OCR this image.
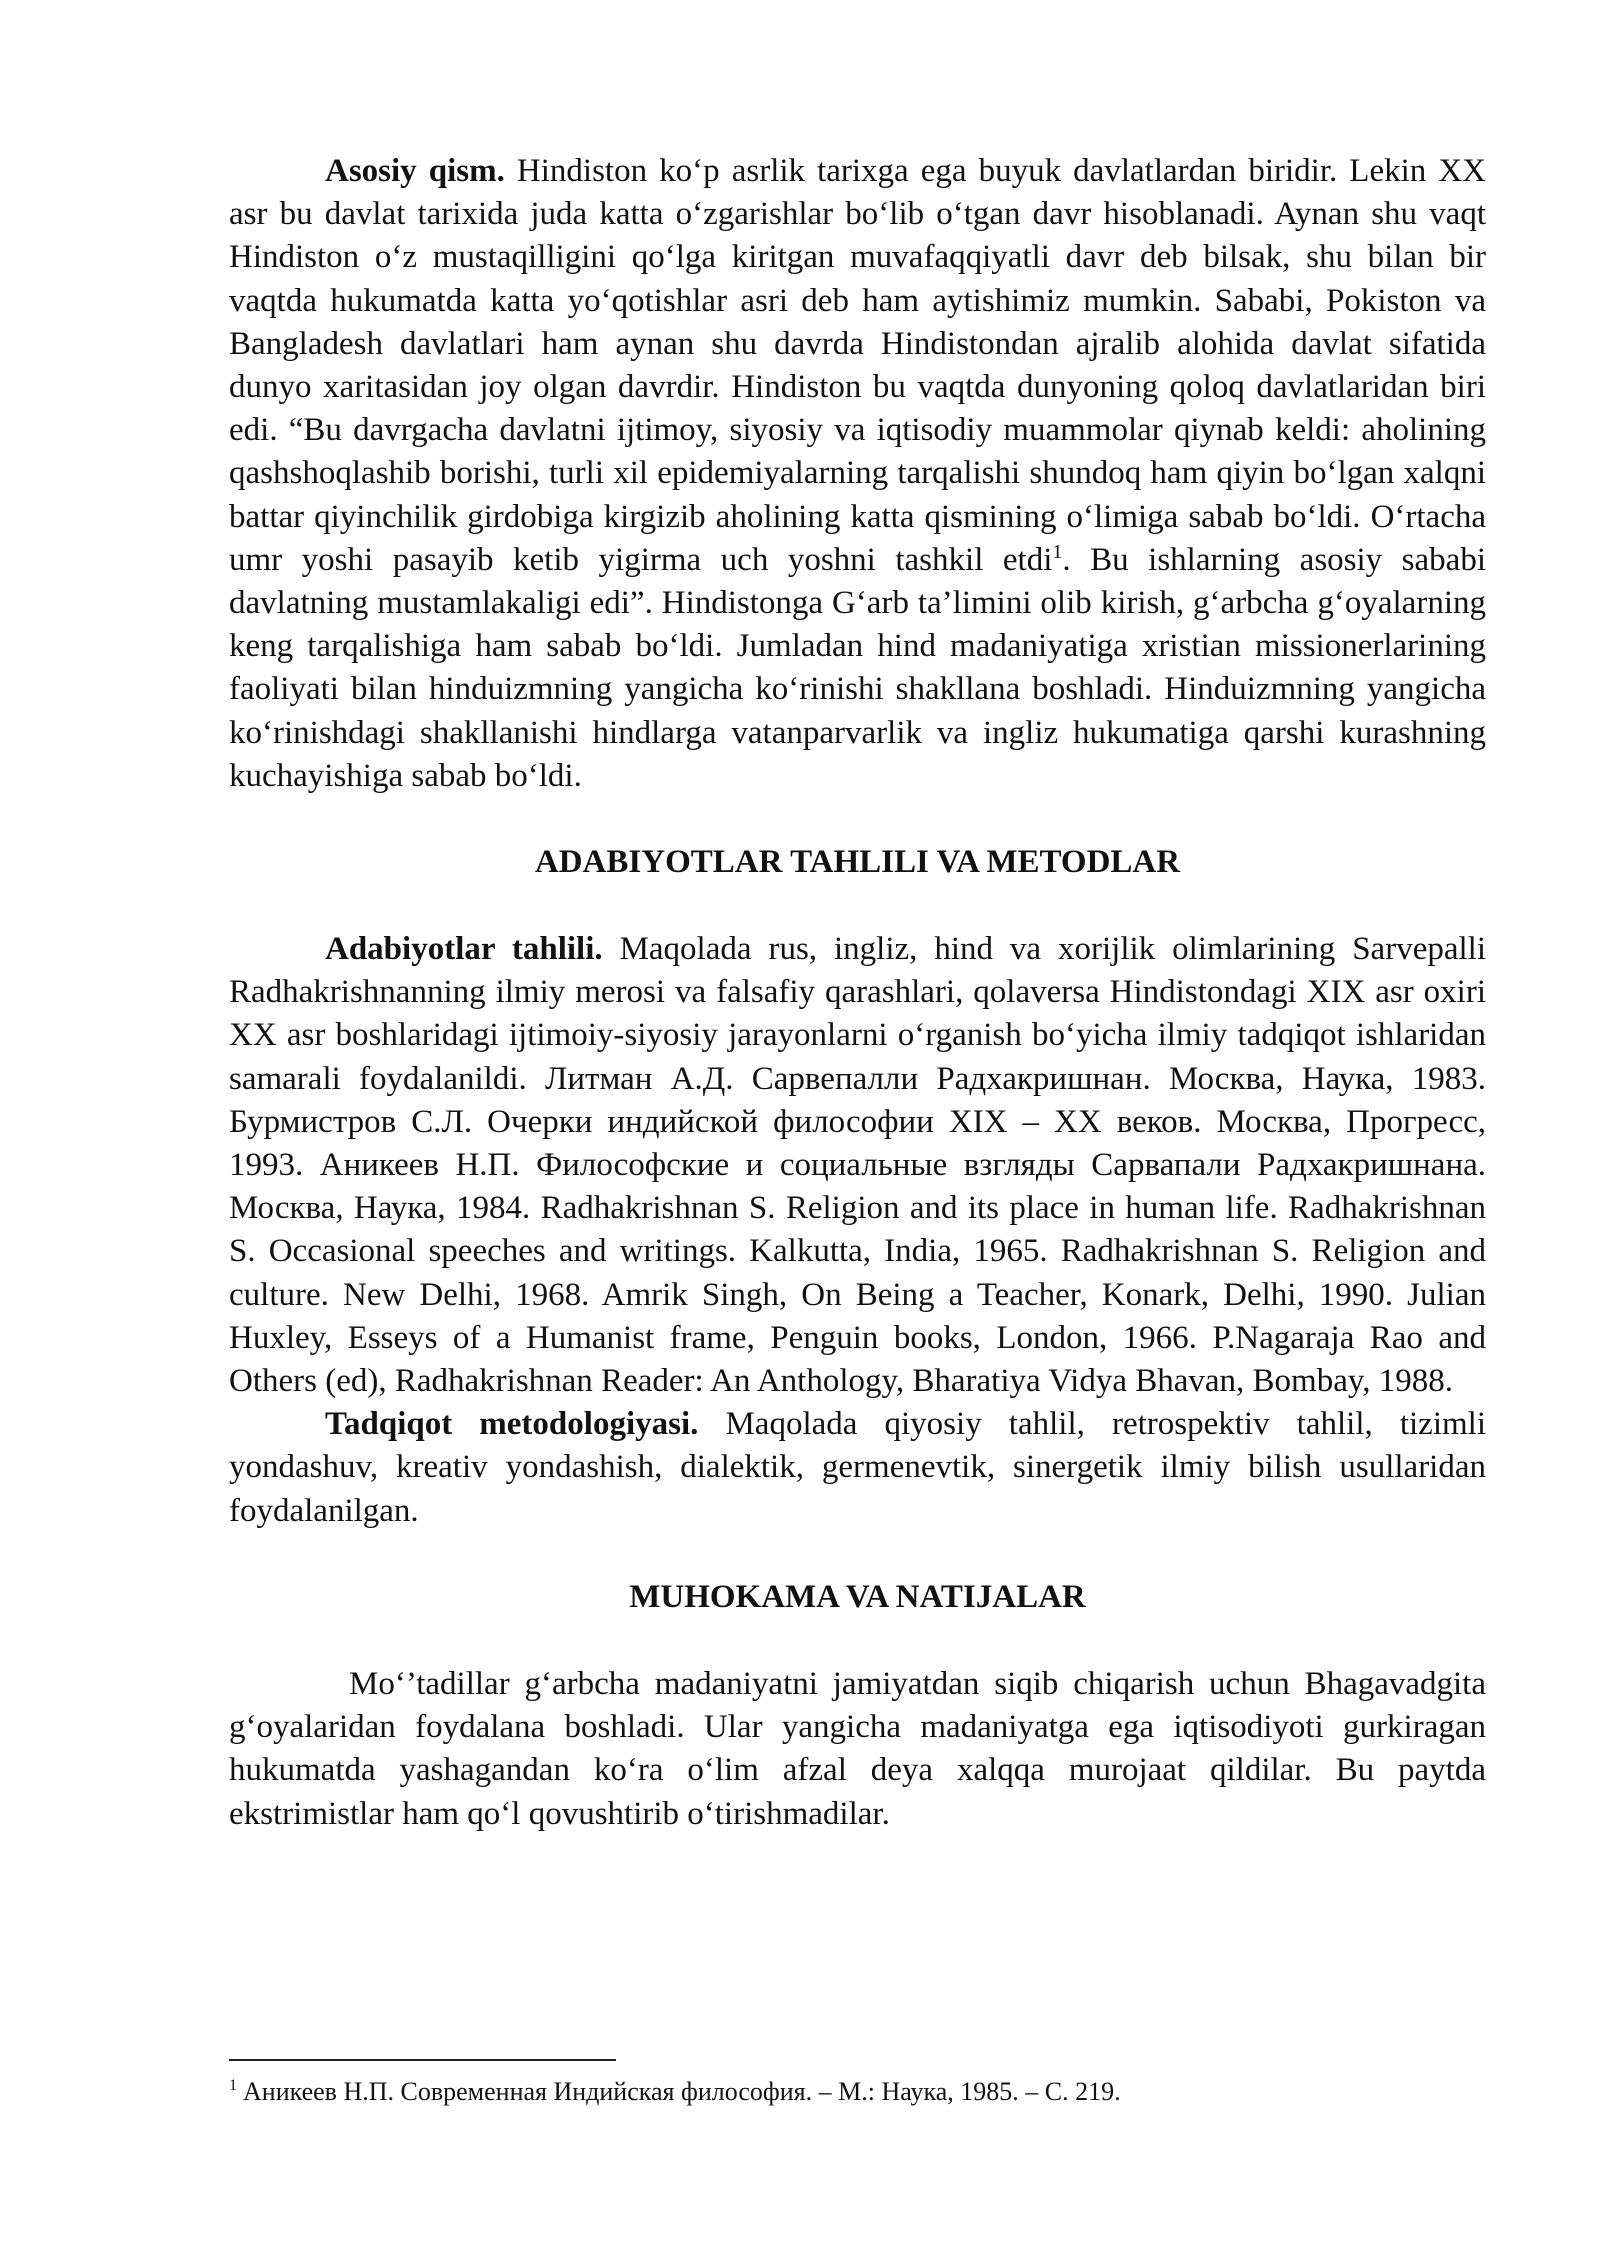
Asosiy qism. Hindiston ko‘p asrlik tarixga ega buyuk davlatlardan biridir. Lekin XX asr bu davlat tarixida juda katta o‘zgarishlar bo‘lib o‘tgan davr hisoblanadi. Aynan shu vaqt Hindiston o‘z mustaqilligini qo‘lga kiritgan muvafaqqiyatli davr deb bilsak, shu bilan bir vaqtda hukumatda katta yo‘qotishlar asri deb ham aytishimiz mumkin. Sababi, Pokiston va Bangladesh davlatlari ham aynan shu davrda Hindistondan ajralib alohida davlat sifatida dunyo xaritasidan joy olgan davrdir. Hindiston bu vaqtda dunyoning qoloq davlatlaridan biri edi. “Bu davrgacha davlatni ijtimoy, siyosiy va iqtisodiy muammolar qiynab keldi: aholining qashshoqlashib borishi, turli xil epidemiyalarning tarqalishi shundoq ham qiyin bo‘lgan xalqni battar qiyinchilik girdobiga kirgizib aholining katta qismining o‘limiga sabab bo‘ldi. O‘rtacha umr yoshi pasayib ketib yigirma uch yoshni tashkil etdi$^1$. Bu ishlarning asosiy sababi davlatning mustamlakaligi edi”. Hindistonga G‘arb ta’limini olib kirish, g‘arbcha g‘oyalarning keng tarqalishiga ham sabab bo‘ldi. Jumladan hind madaniyatiga xristian missionerlarining faoliyati bilan hinduizmning yangicha ko‘rinishi shakllana boshladi. Hinduizmning yangicha ko‘rinishdagi shakllanishi hindlarga vatanparvarlik va ingliz hukumatiga qarshi kurashning kuchayishiga sabab bo‘ldi.

ADABIYOTLAR TAHLILI VA METODLAR

Adabiyotlar tahlili. Maqolada rus, ingliz, hind va xorijlik olimlarining Sarvepalli Radhakrishnanning ilmiy merosi va falsafiy qarashlari, qolaversa Hindistondagi XIX asr oxiri XX asr boshlaridagi ijtimoiy-siyosiy jarayonlarni o‘rganish bo‘yicha ilmiy tadqiqot ishlaridan samarali foydalanildi. Литман А.Д. Сарвепалли Радхакришнан. Москва, Наука, 1983. Бурмистров С.Л. Очерки индийской философии XIX – XX веков. Москва, Прогресс, 1993. Аникеев Н.П. Философские и социальные взгляды Сарвапали Радхакришнана. Москва, Наука, 1984. Radhakrishnan S. Religion and its place in human life. Radhakrishnan S. Occasional speeches and writings. Kalkutta, India, 1965. Radhakrishnan S. Religion and culture. New Delhi, 1968. Amrik Singh, On Being a Teacher, Konark, Delhi, 1990. Julian Huxley, Esseys of a Humanist frame, Penguin books, London, 1966. P.Nagaraja Rao and Others (ed), Radhakrishnan Reader: An Anthology, Bharatiya Vidya Bhavan, Bombay, 1988.

Tadqiqot metodologiyasi. Maqolada qiyosiy tahlil, retrospektiv tahlil, tizimli yondashuv, kreativ yondashish, dialektik, germenevtik, sinergetik ilmiy bilish usullaridan foydalanilgan.

MUHOKAMA VA NATIJALAR

Mo‘’tadillar g‘arbcha madaniyatni jamiyatdan siqib chiqarish uchun Bhagavadgita g‘oyalaridan foydalana boshladi. Ular yangicha madaniyatga ega iqtisodiyoti gurkiragan hukumatda yashagandan ko‘ra o‘lim afzal deya xalqqa murojaat qildilar. Bu paytda ekstrimistlar ham qo‘l qovushtirib o‘tirishmadilar.

$^1$ Аникеев Н.П. Современная Индийская философия. – М.: Наука, 1985. – С. 219.
